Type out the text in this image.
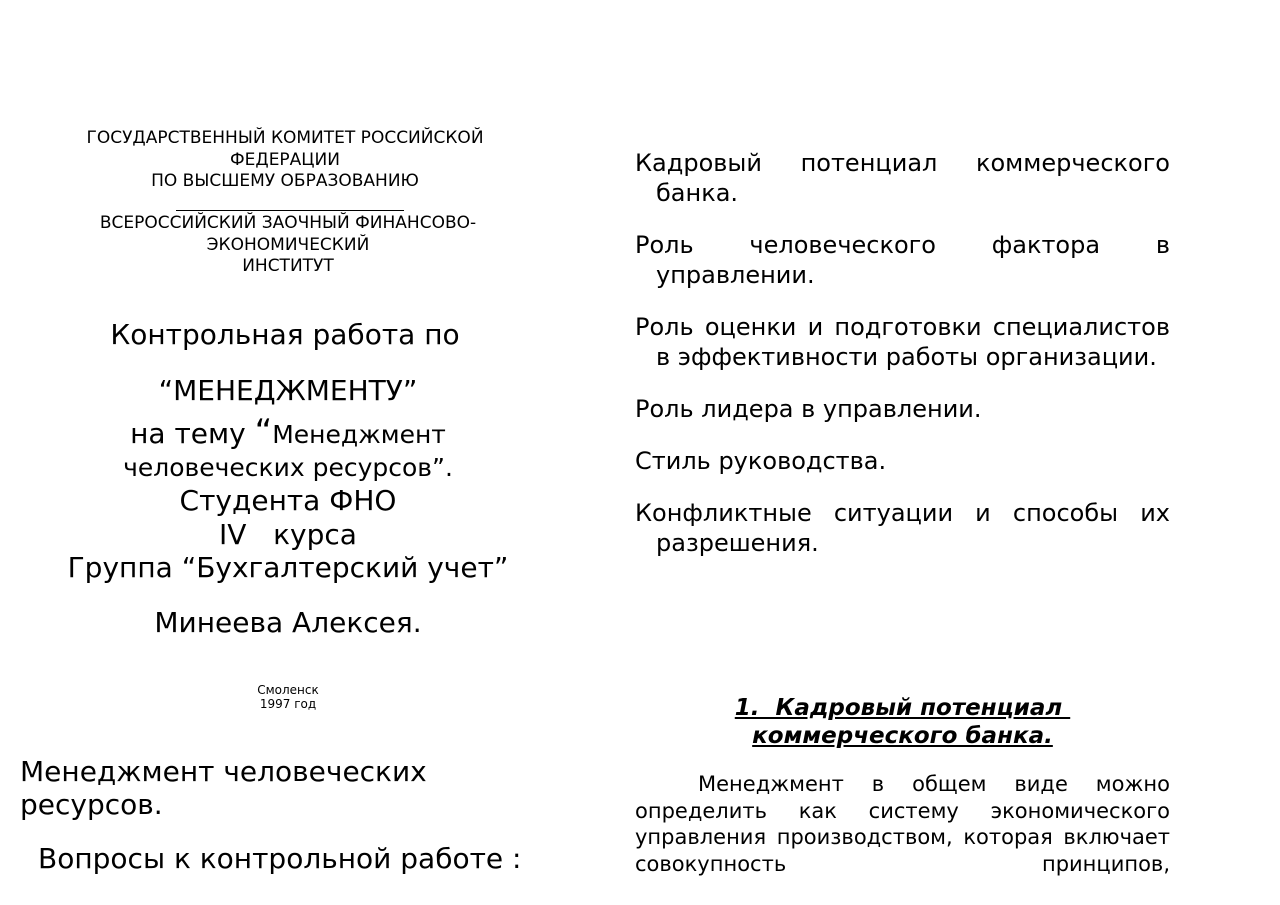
ГОСУДАРСТВЕННЫЙ КОМИТЕТ РОССИЙСКОЙ
ФЕДЕРАЦИИ
ПО ВЫСШЕМУ ОБРАЗОВАНИЮ
ВСЕРОССИЙСКИЙ ЗАОЧНЫЙ ФИНАНСОВО-
ЭКОНОМИЧЕСКИЙ
ИНСТИТУТ
Контрольная работа по
“МЕНЕДЖМЕНТУ”
на тему “Менеджмент
человеческих ресурсов”.
Студента ФНО
IV   курса
Группа “Бухгалтерский учет”
Минеева Алексея.
Смоленск
1997 год
Менеджмент человеческих ресурсов.
Вопросы к контрольной работе :
Кадровый потенциал коммерческого банка.
Роль человеческого фактора в управлении.
Роль оценки и подготовки специалистов в эффективности работы организации.
Роль лидера в управлении.
Стиль руководства.
Конфликтные ситуации и способы их разрешения.
1.  Кадровый потенциал
коммерческого банка.

Менеджмент в общем виде можно определить как систему экономического управления производством, которая включает совокупность принципов,
